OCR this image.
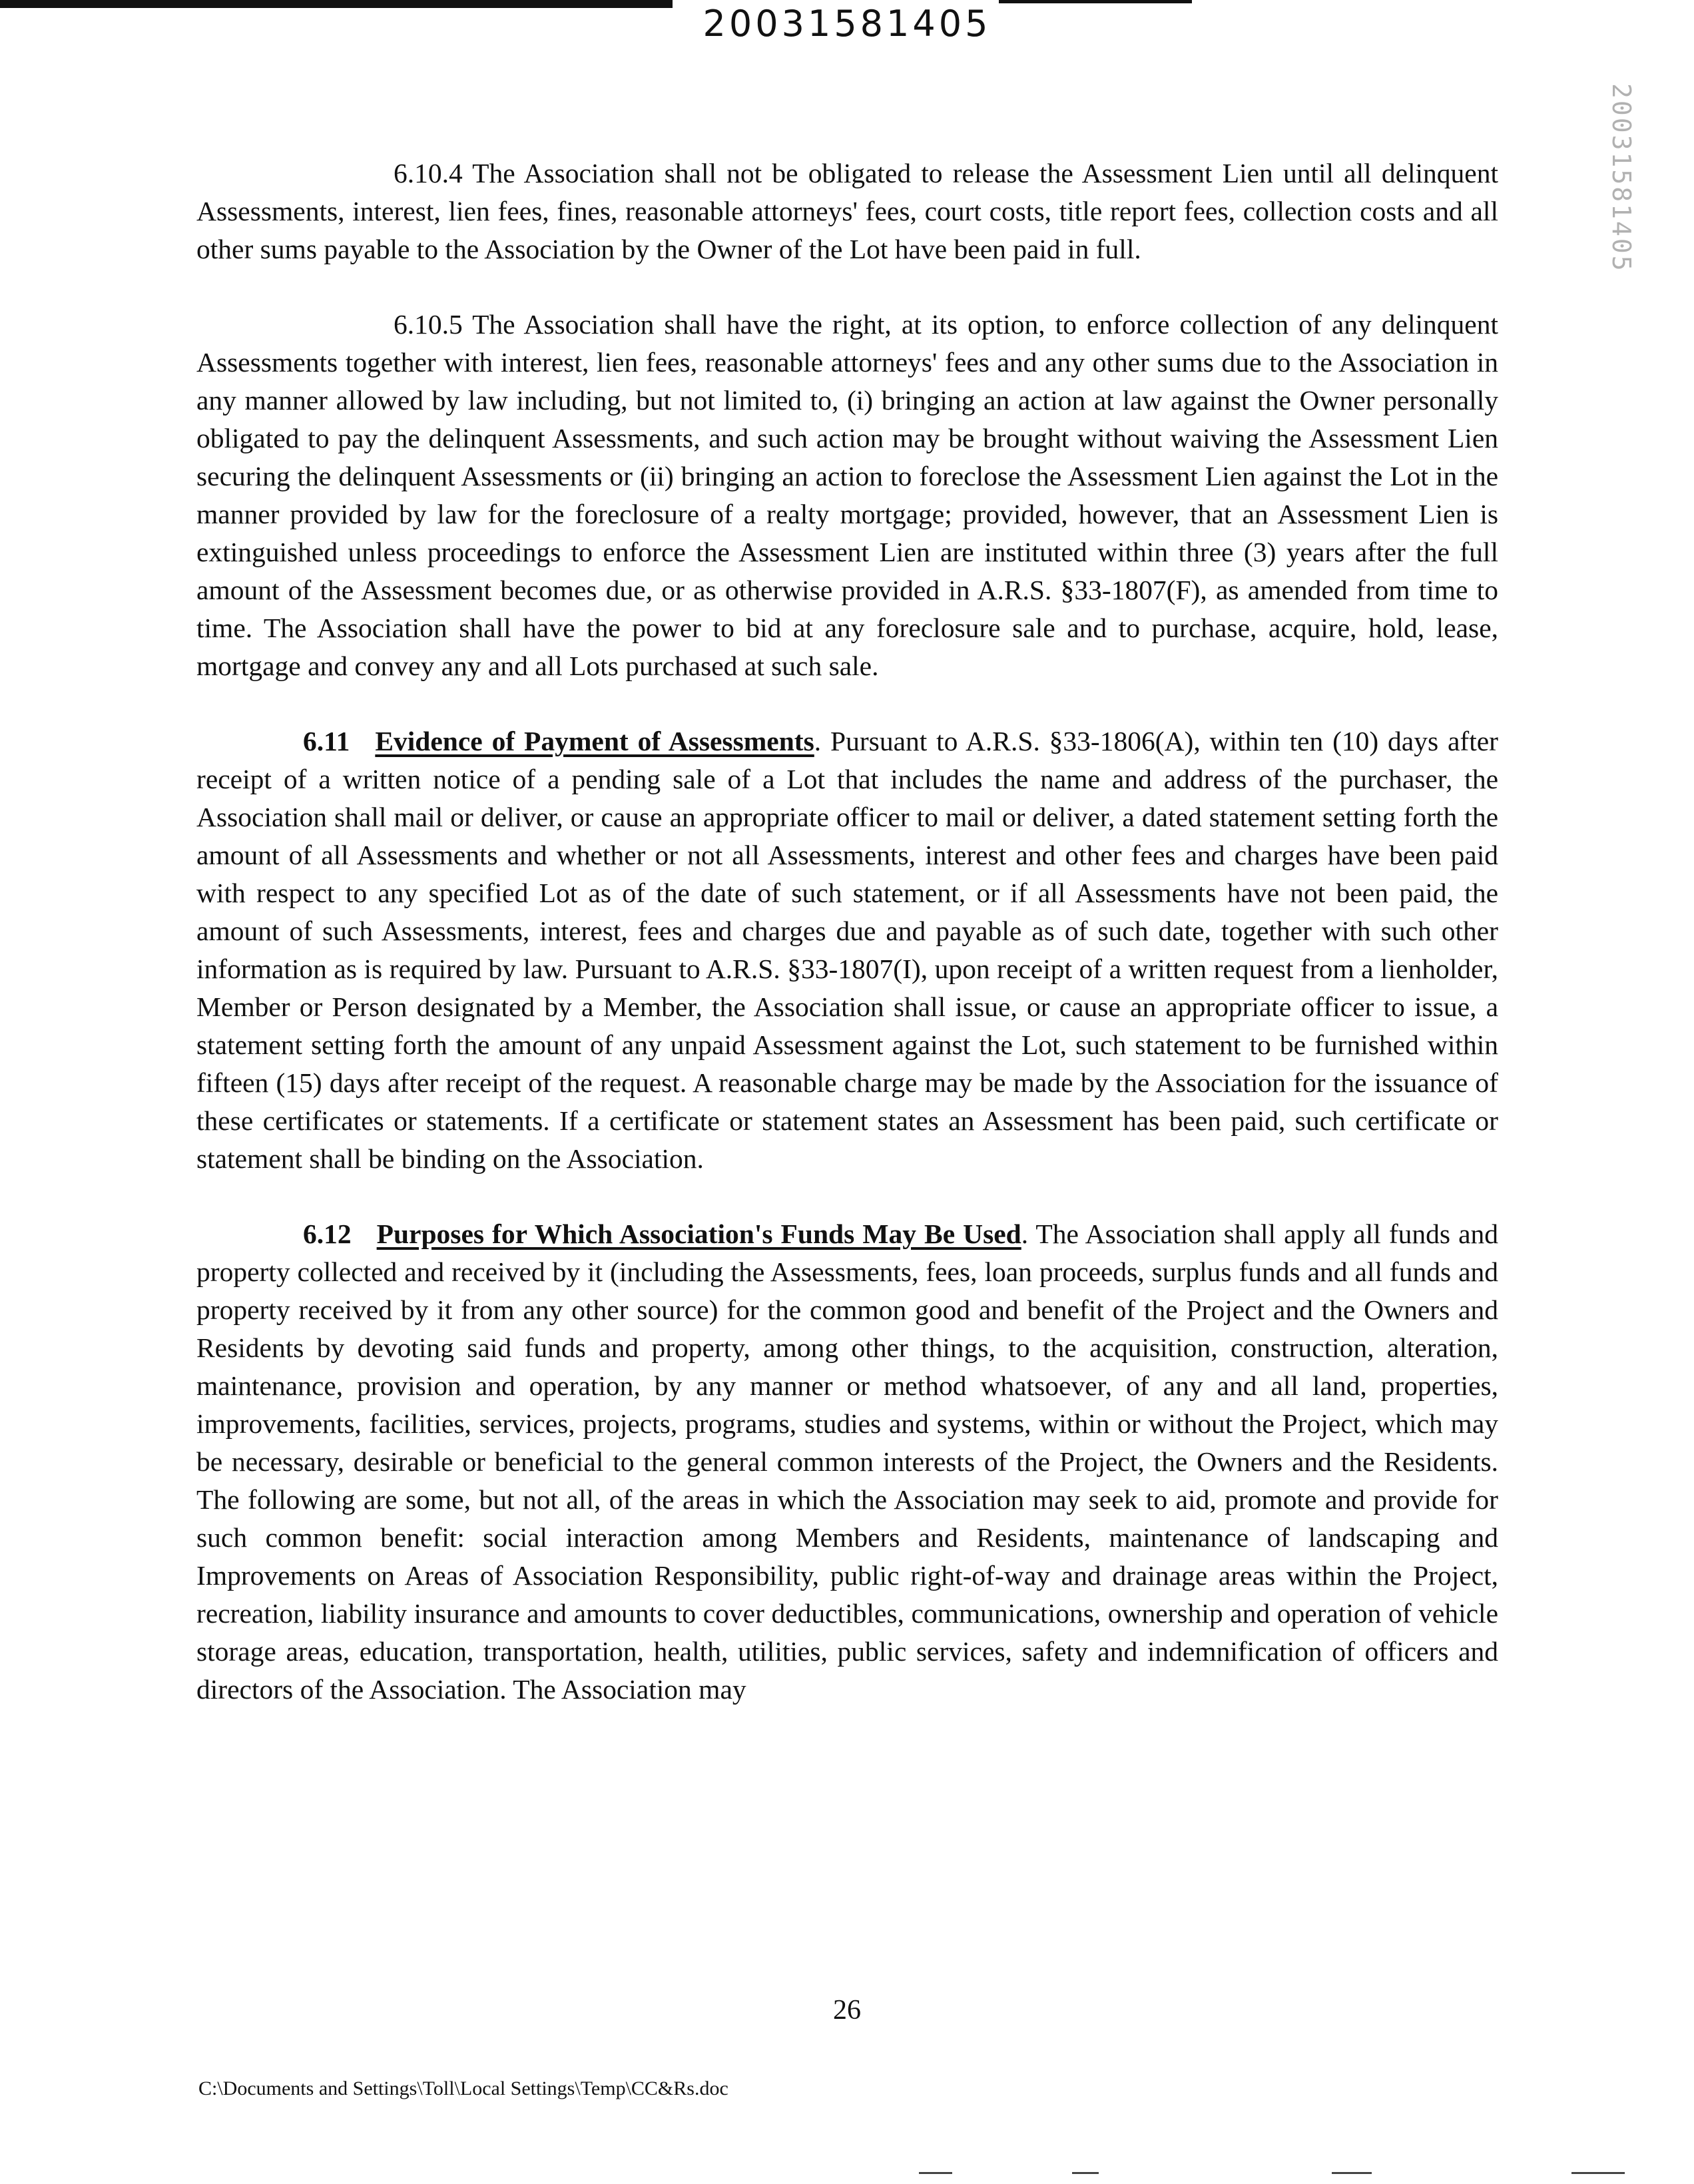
20031581405
20031581405

6.10.4 The Association shall not be obligated to release the Assessment Lien until all delinquent Assessments, interest, lien fees, fines, reasonable attorneys' fees, court costs, title report fees, collection costs and all other sums payable to the Association by the Owner of the Lot have been paid in full.

6.10.5 The Association shall have the right, at its option, to enforce collection of any delinquent Assessments together with interest, lien fees, reasonable attorneys' fees and any other sums due to the Association in any manner allowed by law including, but not limited to, (i) bringing an action at law against the Owner personally obligated to pay the delinquent Assessments, and such action may be brought without waiving the Assessment Lien securing the delinquent Assessments or (ii) bringing an action to foreclose the Assessment Lien against the Lot in the manner provided by law for the foreclosure of a realty mortgage; provided, however, that an Assessment Lien is extinguished unless proceedings to enforce the Assessment Lien are instituted within three (3) years after the full amount of the Assessment becomes due, or as otherwise provided in A.R.S. §33-1807(F), as amended from time to time. The Association shall have the power to bid at any foreclosure sale and to purchase, acquire, hold, lease, mortgage and convey any and all Lots purchased at such sale.

6.11 Evidence of Payment of Assessments. Pursuant to A.R.S. §33-1806(A), within ten (10) days after receipt of a written notice of a pending sale of a Lot that includes the name and address of the purchaser, the Association shall mail or deliver, or cause an appropriate officer to mail or deliver, a dated statement setting forth the amount of all Assessments and whether or not all Assessments, interest and other fees and charges have been paid with respect to any specified Lot as of the date of such statement, or if all Assessments have not been paid, the amount of such Assessments, interest, fees and charges due and payable as of such date, together with such other information as is required by law. Pursuant to A.R.S. §33-1807(I), upon receipt of a written request from a lienholder, Member or Person designated by a Member, the Association shall issue, or cause an appropriate officer to issue, a statement setting forth the amount of any unpaid Assessment against the Lot, such statement to be furnished within fifteen (15) days after receipt of the request. A reasonable charge may be made by the Association for the issuance of these certificates or statements. If a certificate or statement states an Assessment has been paid, such certificate or statement shall be binding on the Association.

6.12 Purposes for Which Association's Funds May Be Used. The Association shall apply all funds and property collected and received by it (including the Assessments, fees, loan proceeds, surplus funds and all funds and property received by it from any other source) for the common good and benefit of the Project and the Owners and Residents by devoting said funds and property, among other things, to the acquisition, construction, alteration, maintenance, provision and operation, by any manner or method whatsoever, of any and all land, properties, improvements, facilities, services, projects, programs, studies and systems, within or without the Project, which may be necessary, desirable or beneficial to the general common interests of the Project, the Owners and the Residents. The following are some, but not all, of the areas in which the Association may seek to aid, promote and provide for such common benefit: social interaction among Members and Residents, maintenance of landscaping and Improvements on Areas of Association Responsibility, public right-of-way and drainage areas within the Project, recreation, liability insurance and amounts to cover deductibles, communications, ownership and operation of vehicle storage areas, education, transportation, health, utilities, public services, safety and indemnification of officers and directors of the Association. The Association may

26
C:\Documents and Settings\Toll\Local Settings\Temp\CC&Rs.doc
